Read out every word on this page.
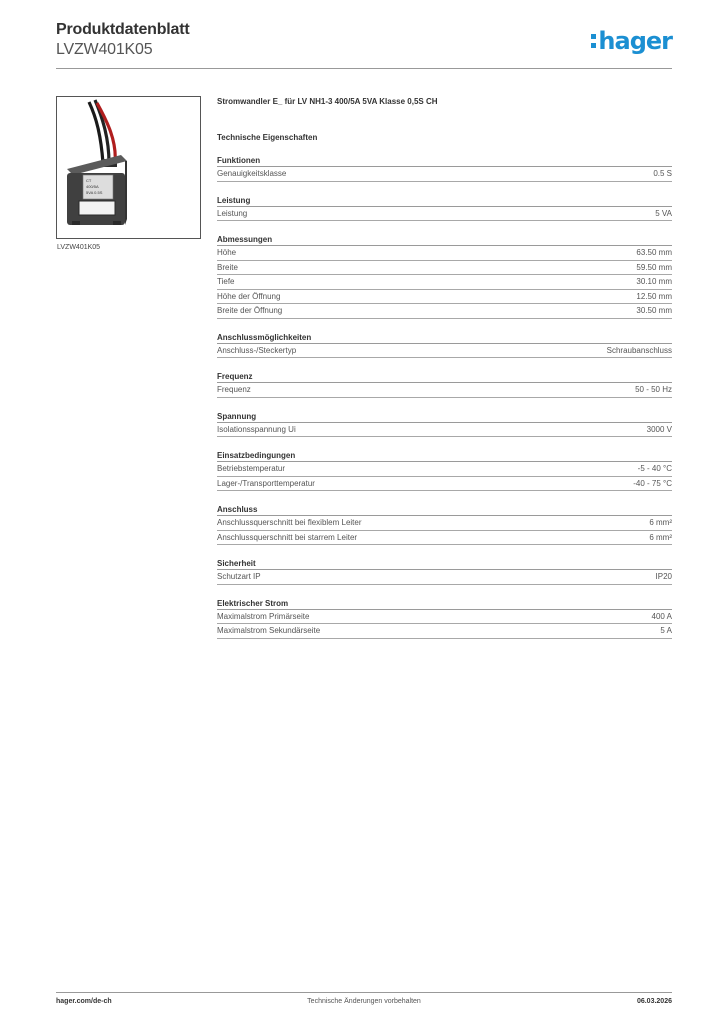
Produktdatenblatt
LVZW401K05	hager
CT
400/5A
5VA 0.5S
LVZW401K05
Stromwandler E_ für LV NH1-3 400/5A 5VA Klasse 0,5S CH
Technische Eigenschaften
Funktionen
Genauigkeitsklasse	0.5 S
Leistung
Leistung	5 VA
Abmessungen
Höhe	63.50 mm
Breite	59.50 mm
Tiefe	30.10 mm
Höhe der Öffnung	12.50 mm
Breite der Öffnung	30.50 mm
Anschlussmöglichkeiten
Anschluss-/Steckertyp	Schraubanschluss
Frequenz
Frequenz	50 - 50 Hz
Spannung
Isolationsspannung Ui	3000 V
Einsatzbedingungen
Betriebstemperatur	-5 - 40 °C
Lager-/Transporttemperatur	-40 - 75 °C
Anschluss
Anschlussquerschnitt bei flexiblem Leiter	6 mm²
Anschlussquerschnitt bei starrem Leiter	6 mm²
Sicherheit
Schutzart IP	IP20
Elektrischer Strom
Maximalstrom Primärseite	400 A
Maximalstrom Sekundärseite	5 A
hager.com/de-ch	Technische Änderungen vorbehalten	06.03.2026
